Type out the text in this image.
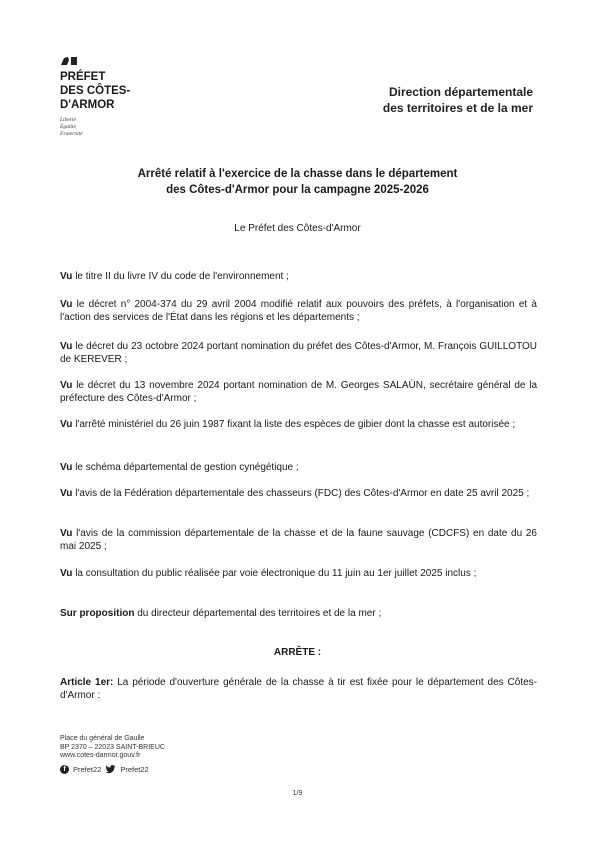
PRÉFET
DES CÔTES-
D'ARMOR
Liberté
Égalité
Fraternité
Direction départementale
des territoires et de la mer
Arrêté relatif à l'exercice de la chasse dans le département
des Côtes-d'Armor pour la campagne 2025-2026
Le Préfet des Côtes-d'Armor
Vu le titre II du livre IV du code de l'environnement ;
Vu le décret n° 2004-374 du 29 avril 2004 modifié relatif aux pouvoirs des préfets, à l'organisation et à l'action des services de l'État dans les régions et les départements ;
Vu le décret du 23 octobre 2024 portant nomination du préfet des Côtes-d'Armor, M. François GUILLOTOU de KEREVER ;
Vu le décret du 13 novembre 2024 portant nomination de M. Georges SALAÜN, secrétaire général de la préfecture des Côtes-d'Armor ;
Vu l'arrêté ministériel du 26 juin 1987 fixant la liste des espèces de gibier dont la chasse est autorisée ;
Vu le schéma départemental de gestion cynégétique ;
Vu l'avis de la Fédération départementale des chasseurs (FDC) des Côtes-d'Armor en date 25 avril 2025 ;
Vu l'avis de la commission départementale de la chasse et de la faune sauvage (CDCFS) en date du 26 mai 2025 ;
Vu la consultation du public réalisée par voie électronique du 11 juin au 1er juillet 2025 inclus ;
Sur proposition du directeur départemental des territoires et de la mer ;
ARRÊTE :
Article 1er: La période d'ouverture générale de la chasse à tir est fixée pour le département des Côtes-d'Armor :
Place du général de Gaulle
BP 2370 – 22023 SAINT-BRIEUC
www.cotes-darmor.gouv.fr
f Prefet22	Prefet22
1/9
